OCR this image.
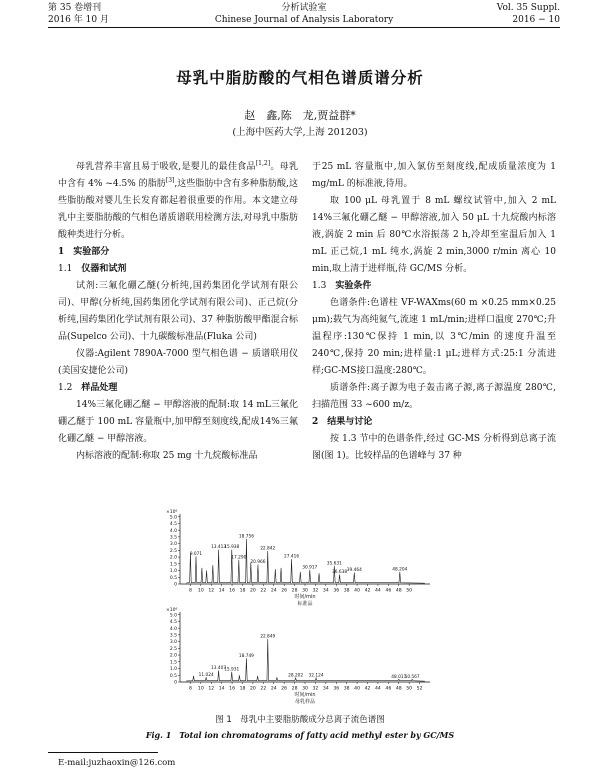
第 35 卷增刊
2016 年 10 月
分析试验室
Chinese Journal of Analysis Laboratory
Vol. 35 Suppl.
2016 − 10
母乳中脂肪酸的气相色谱质谱分析
赵　鑫,陈　龙,贾益群*
(上海中医药大学,上海 201203)

母乳营养丰富且易于吸收,是婴儿的最佳食品[1,2]。母乳中含有 4% ~4.5% 的脂肪[3],这些脂肪中含有多种脂肪酸,这些脂肪酸对婴儿生长发育都起着很重要的作用。本文建立母乳中主要脂肪酸的气相色谱质谱联用检测方法,对母乳中脂肪酸种类进行分析。

1　实验部分

1.1　 仪器和试剂

试剂:三氟化硼乙醚(分析纯,国药集团化学试剂有限公司)、甲醇(分析纯,国药集团化学试剂有限公司)、正己烷(分析纯,国药集团化学试剂有限公司)、37 种脂肪酸甲酯混合标品(Supelco 公司)、十九碳酸标准品(Fluka 公司)

仪器:Agilent 7890A-7000 型气相色谱 − 质谱联用仪(美国安捷伦公司)

1.2　 样品处理

14%三氟化硼乙醚 − 甲醇溶液的配制:取 14 mL三氟化硼乙醚于 100 mL 容量瓶中,加甲醇至刻度线,配成14%三氟化硼乙醚 − 甲醇溶液。

内标溶液的配制:称取 25 mg 十九烷酸标准品

于25 mL 容量瓶中,加入氯仿至刻度线,配成质量浓度为 1 mg/mL 的标准液,待用。

取 100 μL 母乳置于 8 mL 螺纹试管中,加入 2 mL 14%三氟化硼乙醚 − 甲醇溶液,加入 50 μL 十九烷酸内标溶液,涡旋 2 min 后 80℃水浴振荡 2 h,冷却至室温后加入 1 mL 正己烷,1 mL 纯水,涡旋 2 min,3000 r/min 离心 10 min,取上清于进样瓶,待 GC/MS 分析。

1.3　 实验条件

色谱条件:色谱柱 VF-WAXms(60 m ×0.25 mm×0.25 μm);载气为高纯氦气,流速 1 mL/min;进样口温度 270℃;升温程序:130℃保持 1 min,以 3℃/min 的速度升温至 240℃,保持 20 min;进样量:1 μL;进样方式:25:1 分流进样;GC-MS接口温度:280℃。

质谱条件:离子源为电子轰击离子源,离子源温度 280℃,扫描范围 33 ~600 m/z。

2　结果与讨论

按 1.3 节中的色谱条件,经过 GC-MS 分析得到总离子流图(图 1)。比较样品的色谱峰与 37 种

×10⁶
0
0.5
1.0
1.5
2.0
2.5
3.0
3.5
4.0
4.5
5.0
8 10 12 14 16 18 20 22 24 26 28 30 32 34 36 38 40 42 44 46 48 50
时间/min
标准品
9.071
13.413
15.938
17.290
18.756
20.966
22.842
27.416
30.917
35.631
36.638 39.464	48.204
×10⁶
0
0.5
1.0
1.5
2.0
2.5
3.0
3.5
4.0
4.5
5.0
8 10 12 14 16 18 20 22 24 26 28 30 32 34 36 38 40 42 44 46 48 50 52
时间/min
母乳样品
11.024
13.407
15.931
18.749
22.849
28.202 32.124	48.011
50.567
图 1　母乳中主要脂肪酸成分总离子流色谱图
Fig. 1　 Total ion chromatograms of fatty acid methyl ester by GC/MS
E-mail:juzhaoxin@126.com
